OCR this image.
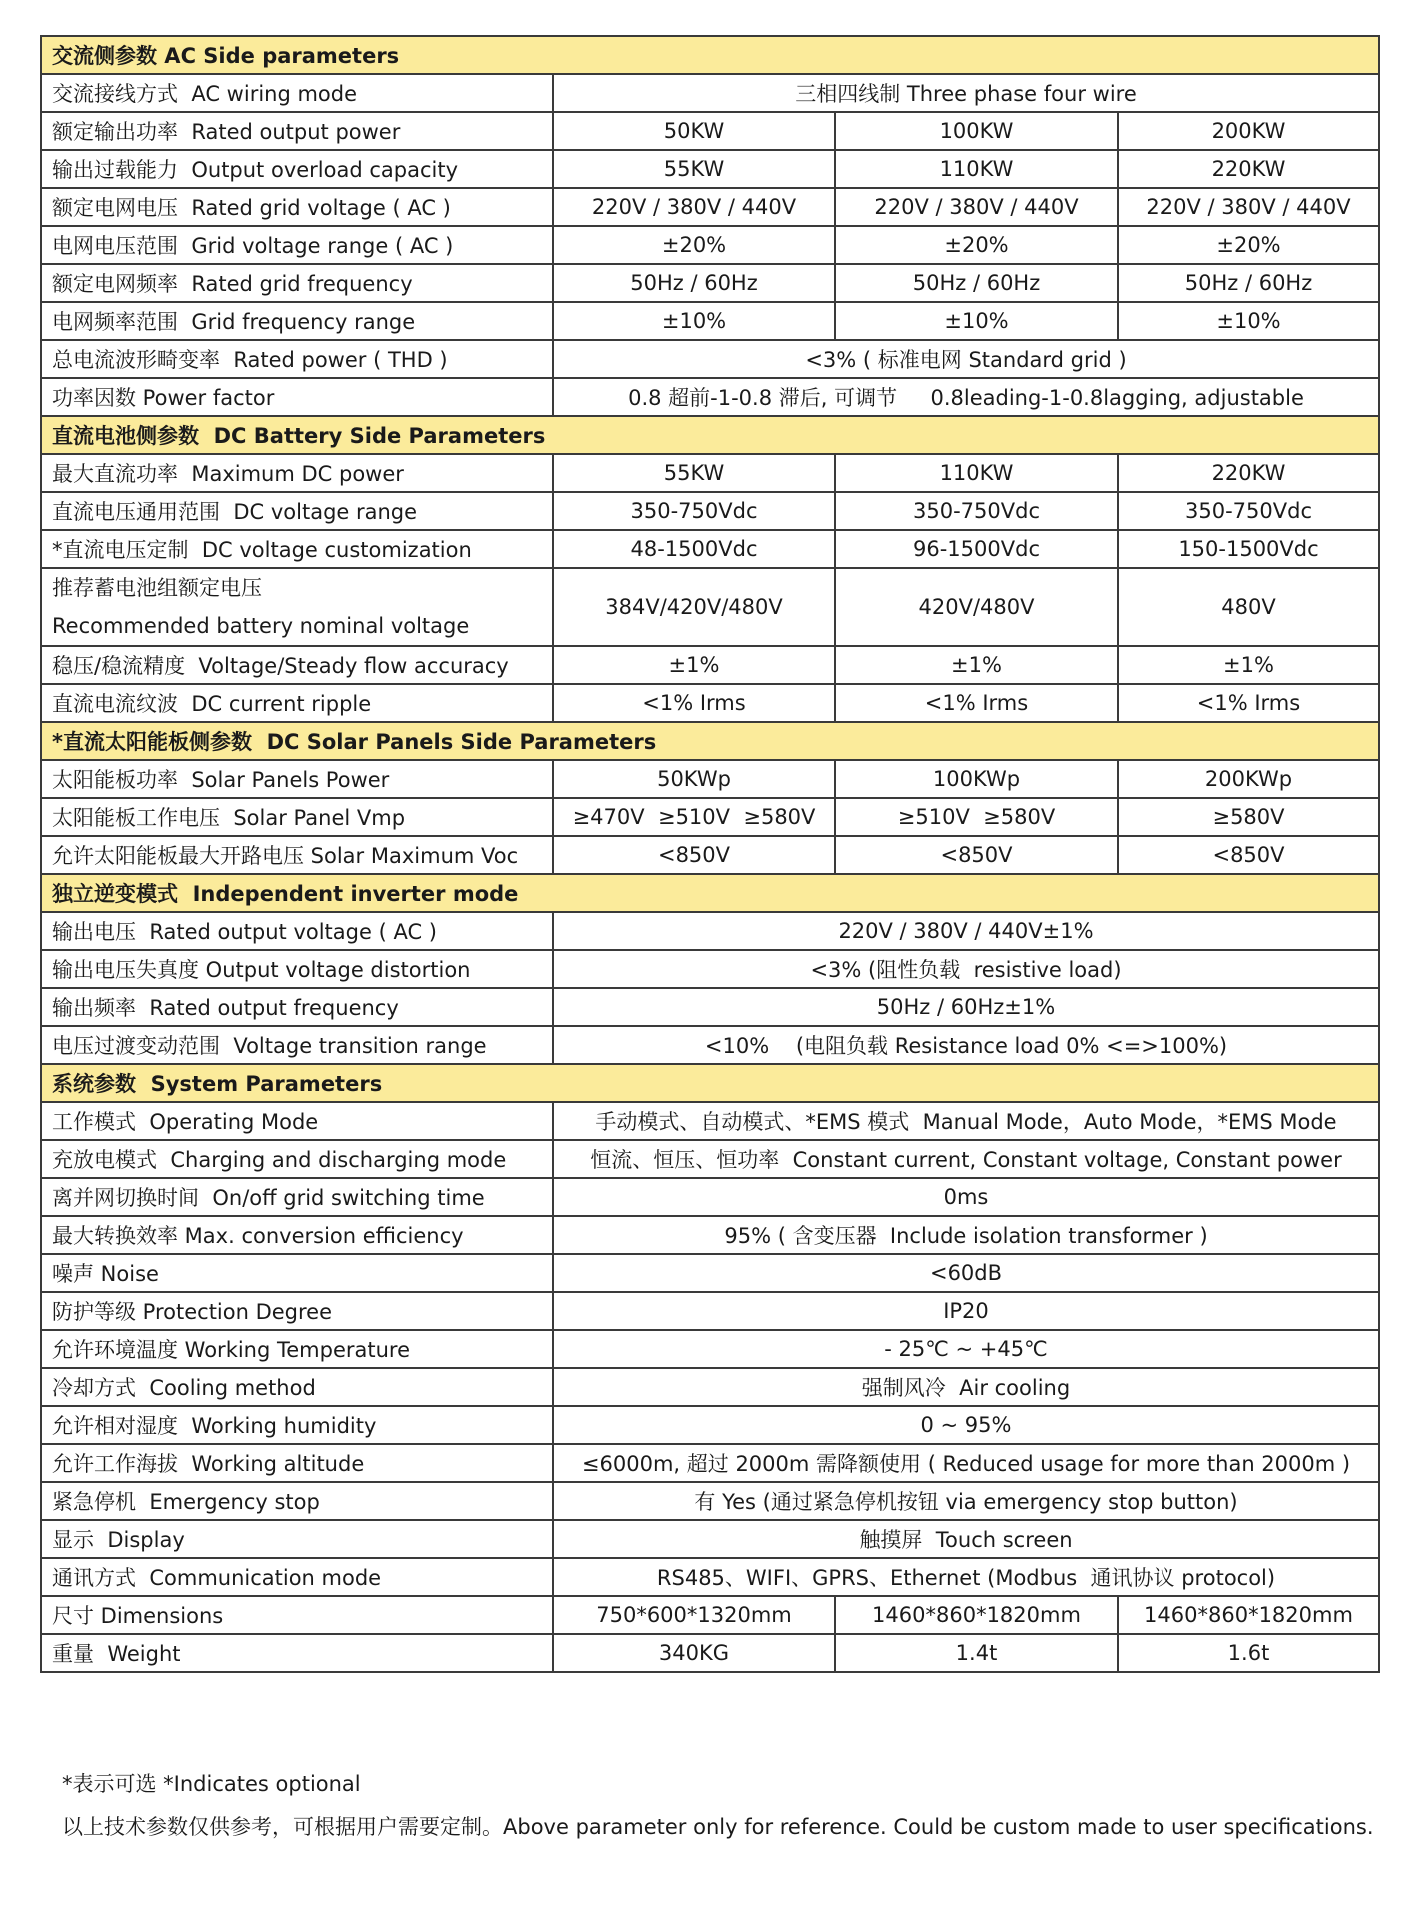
交流侧参数 AC Side parameters			
交流接线方式  AC wiring mode	三相四线制 Three phase four wire		
额定输出功率  Rated output power	50KW	100KW	200KW
输出过载能力  Output overload capacity	55KW	110KW	220KW
额定电网电压  Rated grid voltage ( AC )	220V / 380V / 440V	220V / 380V / 440V	220V / 380V / 440V
电网电压范围  Grid voltage range ( AC )	±20%	±20%	±20%
额定电网频率  Rated grid frequency	50Hz / 60Hz	50Hz / 60Hz	50Hz / 60Hz
电网频率范围  Grid frequency range	±10%	±10%	±10%
总电流波形畸变率  Rated power ( THD )	<3% ( 标准电网 Standard grid )		
功率因数 Power factor	0.8 超前-1-0.8 滞后, 可调节     0.8leading-1-0.8lagging, adjustable		
直流电池侧参数  DC Battery Side Parameters			
最大直流功率  Maximum DC power	55KW	110KW	220KW
直流电压通用范围  DC voltage range	350-750Vdc	350-750Vdc	350-750Vdc
*直流电压定制  DC voltage customization	48-1500Vdc	96-1500Vdc	150-1500Vdc
推荐蓄电池组额定电压
Recommended battery nominal voltage	384V/420V/480V	420V/480V	480V
稳压/稳流精度  Voltage/Steady flow accuracy	±1%	±1%	±1%
直流电流纹波  DC current ripple	<1% Irms	<1% Irms	<1% Irms
*直流太阳能板侧参数  DC Solar Panels Side Parameters			
太阳能板功率  Solar Panels Power	50KWp	100KWp	200KWp
太阳能板工作电压  Solar Panel Vmp	≥470V  ≥510V  ≥580V	≥510V  ≥580V	≥580V
允许太阳能板最大开路电压 Solar Maximum Voc	<850V	<850V	<850V
独立逆变模式  Independent inverter mode			
输出电压  Rated output voltage ( AC )	220V / 380V / 440V±1%		
输出电压失真度 Output voltage distortion	<3% (阻性负载  resistive load)		
输出频率  Rated output frequency	50Hz / 60Hz±1%		
电压过渡变动范围  Voltage transition range	<10%    (电阻负载 Resistance load 0% <=>100%)		
系统参数  System Parameters			
工作模式  Operating Mode	手动模式、自动模式、*EMS 模式  Manual Mode，Auto Mode，*EMS Mode		
充放电模式  Charging and discharging mode	恒流、恒压、恒功率  Constant current, Constant voltage, Constant power		
离并网切换时间  On/off grid switching time	0ms		
最大转换效率 Max. conversion efficiency	95% ( 含变压器  Include isolation transformer )		
噪声 Noise	<60dB		
防护等级 Protection Degree	IP20		
允许环境温度 Working Temperature	- 25℃ ~ +45℃		
冷却方式  Cooling method	强制风冷  Air cooling		
允许相对湿度  Working humidity	0 ~ 95%		
允许工作海拔  Working altitude	≤6000m, 超过 2000m 需降额使用 ( Reduced usage for more than 2000m )		
紧急停机  Emergency stop	有 Yes (通过紧急停机按钮 via emergency stop button)		
显示  Display	触摸屏  Touch screen		
通讯方式  Communication mode	RS485、WIFI、GPRS、Ethernet (Modbus  通讯协议 protocol)		
尺寸 Dimensions	750*600*1320mm	1460*860*1820mm	1460*860*1820mm
重量  Weight	340KG	1.4t	1.6t
*表示可选 *Indicates optional
以上技术参数仅供参考，可根据用户需要定制。Above parameter only for reference. Could be custom made to user specifications.
